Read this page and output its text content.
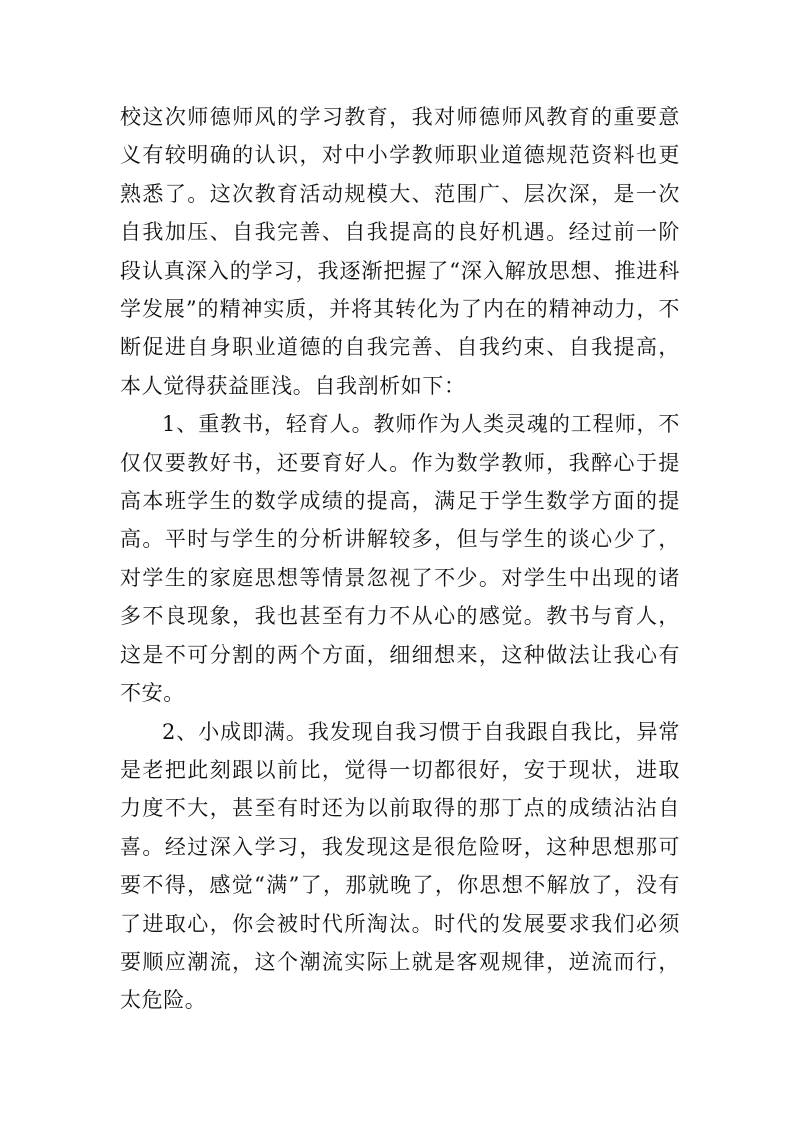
校这次师德师风的学习教育，我对师德师风教育的重要意义有较明确的认识，对中小学教师职业道德规范资料也更熟悉了。这次教育活动规模大、范围广、层次深，是一次自我加压、自我完善、自我提高的良好机遇。经过前一阶段认真深入的学习，我逐渐把握了“深入解放思想、推进科学发展”的精神实质，并将其转化为了内在的精神动力，不断促进自身职业道德的自我完善、自我约束、自我提高，本人觉得获益匪浅。自我剖析如下：

1、重教书，轻育人。教师作为人类灵魂的工程师，不仅仅要教好书，还要育好人。作为数学教师，我醉心于提高本班学生的数学成绩的提高，满足于学生数学方面的提高。平时与学生的分析讲解较多，但与学生的谈心少了，对学生的家庭思想等情景忽视了不少。对学生中出现的诸多不良现象，我也甚至有力不从心的感觉。教书与育人，这是不可分割的两个方面，细细想来，这种做法让我心有不安。

2、小成即满。我发现自我习惯于自我跟自我比，异常是老把此刻跟以前比，觉得一切都很好，安于现状，进取力度不大，甚至有时还为以前取得的那丁点的成绩沾沾自喜。经过深入学习，我发现这是很危险呀，这种思想那可要不得，感觉“满”了，那就晚了，你思想不解放了，没有了进取心，你会被时代所淘汰。时代的发展要求我们必须要顺应潮流，这个潮流实际上就是客观规律，逆流而行，太危险。
